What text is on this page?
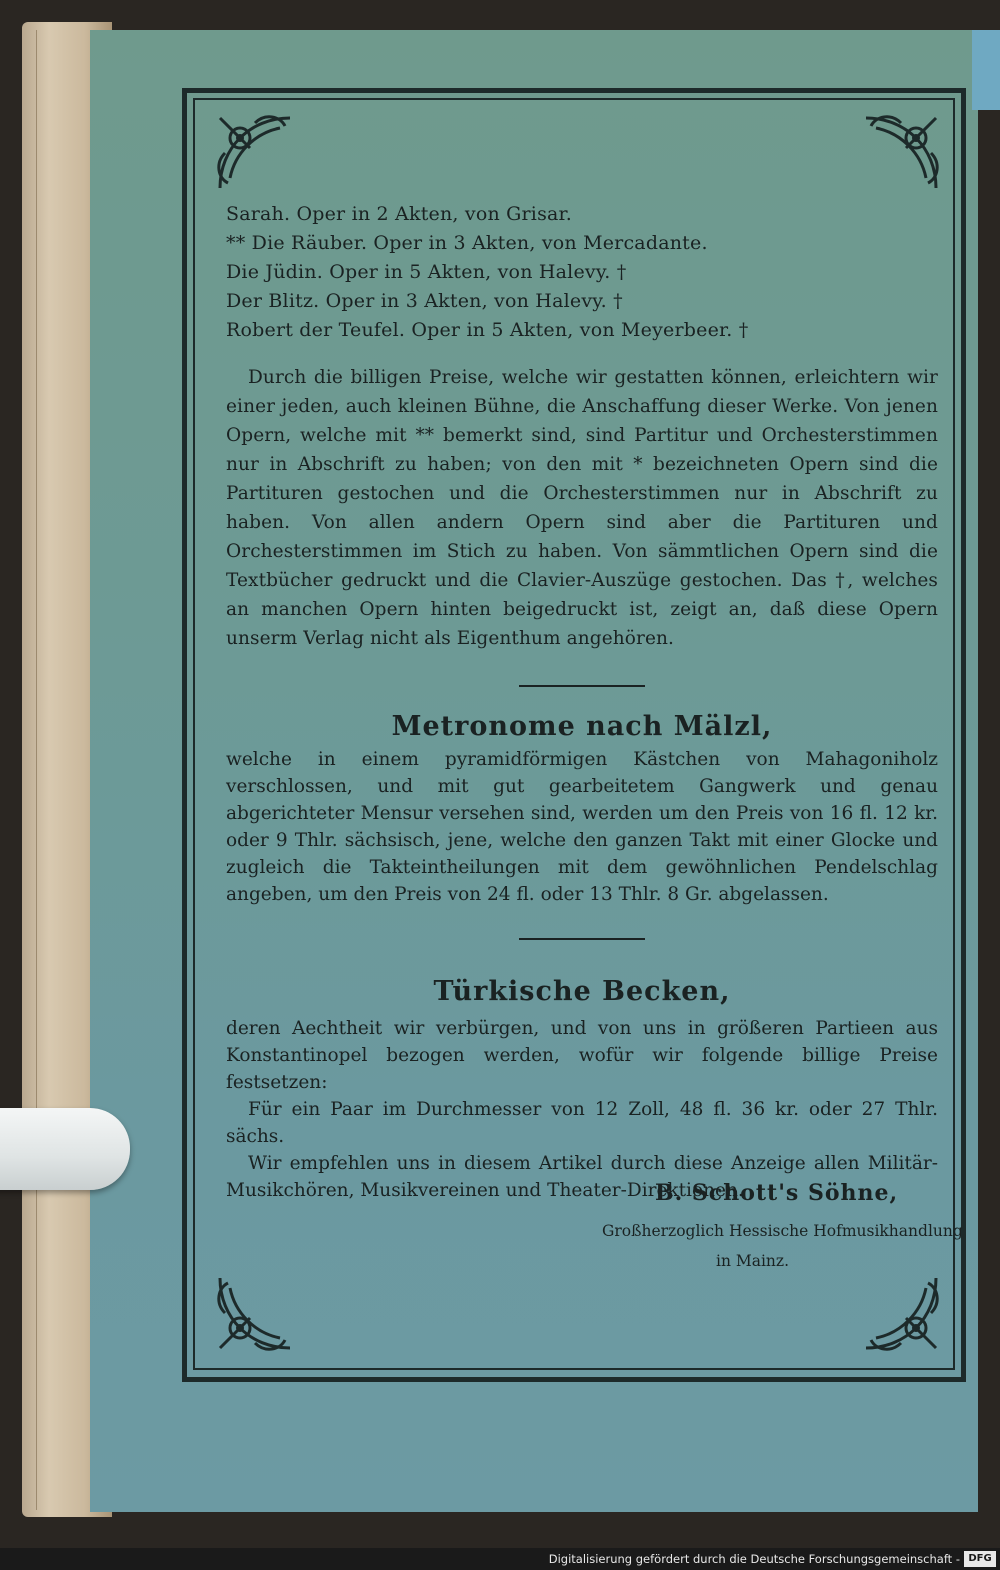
Sarah. Oper in 2 Akten, von Grisar.
** Die Räuber. Oper in 3 Akten, von Mercadante.
Die Jüdin. Oper in 5 Akten, von Halevy. †
Der Blitz. Oper in 3 Akten, von Halevy. †
Robert der Teufel. Oper in 5 Akten, von Meyerbeer. †

Durch die billigen Preise, welche wir gestatten können, erleichtern wir einer jeden, auch kleinen Bühne, die Anschaffung dieser Werke. Von jenen Opern, welche mit ** bemerkt sind, sind Partitur und Orchesterstimmen nur in Abschrift zu haben; von den mit * bezeichneten Opern sind die Partituren gestochen und die Orchesterstimmen nur in Abschrift zu haben. Von allen andern Opern sind aber die Partituren und Orchesterstimmen im Stich zu haben. Von sämmtlichen Opern sind die Textbücher gedruckt und die Clavier-Auszüge gestochen. Das †, welches an manchen Opern hinten beigedruckt ist, zeigt an, daß diese Opern unserm Verlag nicht als Eigenthum angehören.

Metronome nach Mälzl,

welche in einem pyramidförmigen Kästchen von Mahagoniholz verschlossen, und mit gut gearbeitetem Gangwerk und genau abgerichteter Mensur versehen sind, werden um den Preis von 16 fl. 12 kr. oder 9 Thlr. sächsisch, jene, welche den ganzen Takt mit einer Glocke und zugleich die Takteintheilungen mit dem gewöhnlichen Pendelschlag angeben, um den Preis von 24 fl. oder 13 Thlr. 8 Gr. abgelassen.

Türkische Becken,

deren Aechtheit wir verbürgen, und von uns in größeren Partieen aus Konstantinopel bezogen werden, wofür wir folgende billige Preise festsetzen:

Für ein Paar im Durchmesser von 12 Zoll, 48 fl. 36 kr. oder 27 Thlr. sächs.

Wir empfehlen uns in diesem Artikel durch diese Anzeige allen Militär-Musikchören, Musikvereinen und Theater-Direktionen.

B. Schott's Söhne,
Großherzoglich Hessische Hofmusikhandlung
in Mainz.
Digitalisierung gefördert durch die Deutsche Forschungsgemeinschaft - DFG
